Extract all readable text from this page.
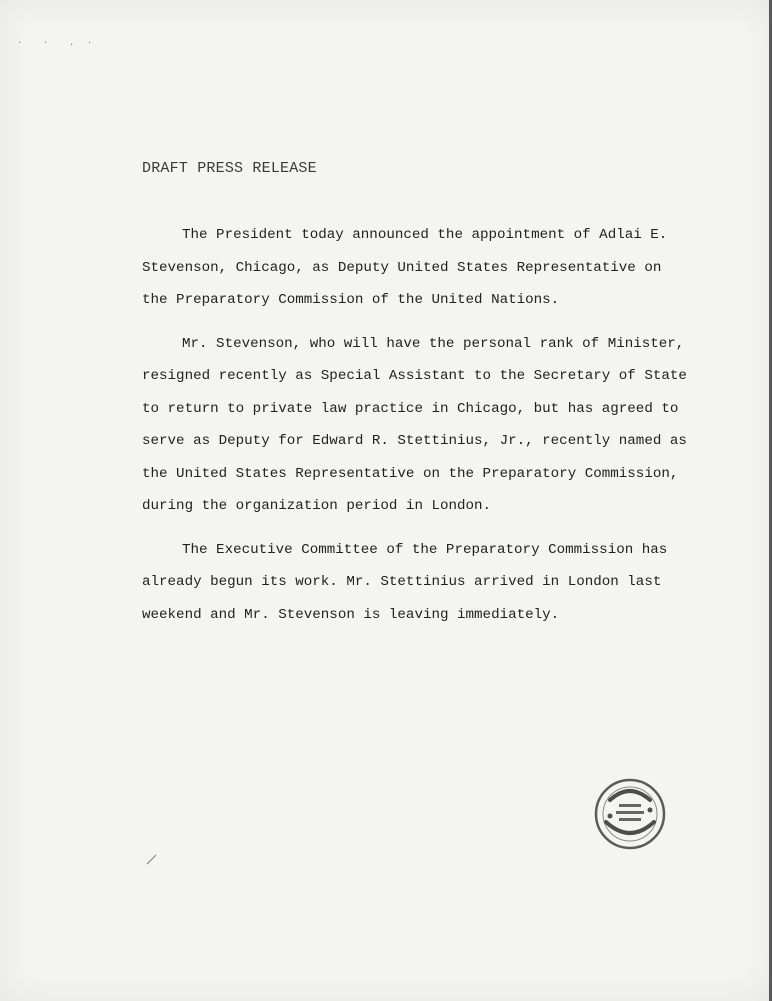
· · · ·
DRAFT PRESS RELEASE
The President today announced the appointment of Adlai E.
Stevenson, Chicago, as Deputy United States Representative on
the Preparatory Commission of the United Nations.
Mr. Stevenson, who will have the personal rank of Minister,
resigned recently as Special Assistant to the Secretary of State
to return to private law practice in Chicago, but has agreed to
serve as Deputy for Edward R. Stettinius, Jr., recently named as
the United States Representative on the Preparatory Commission,
during the organization period in London.
The Executive Committee of the Preparatory Commission has
already begun its work. Mr. Stettinius arrived in London last
weekend and Mr. Stevenson is leaving immediately.
